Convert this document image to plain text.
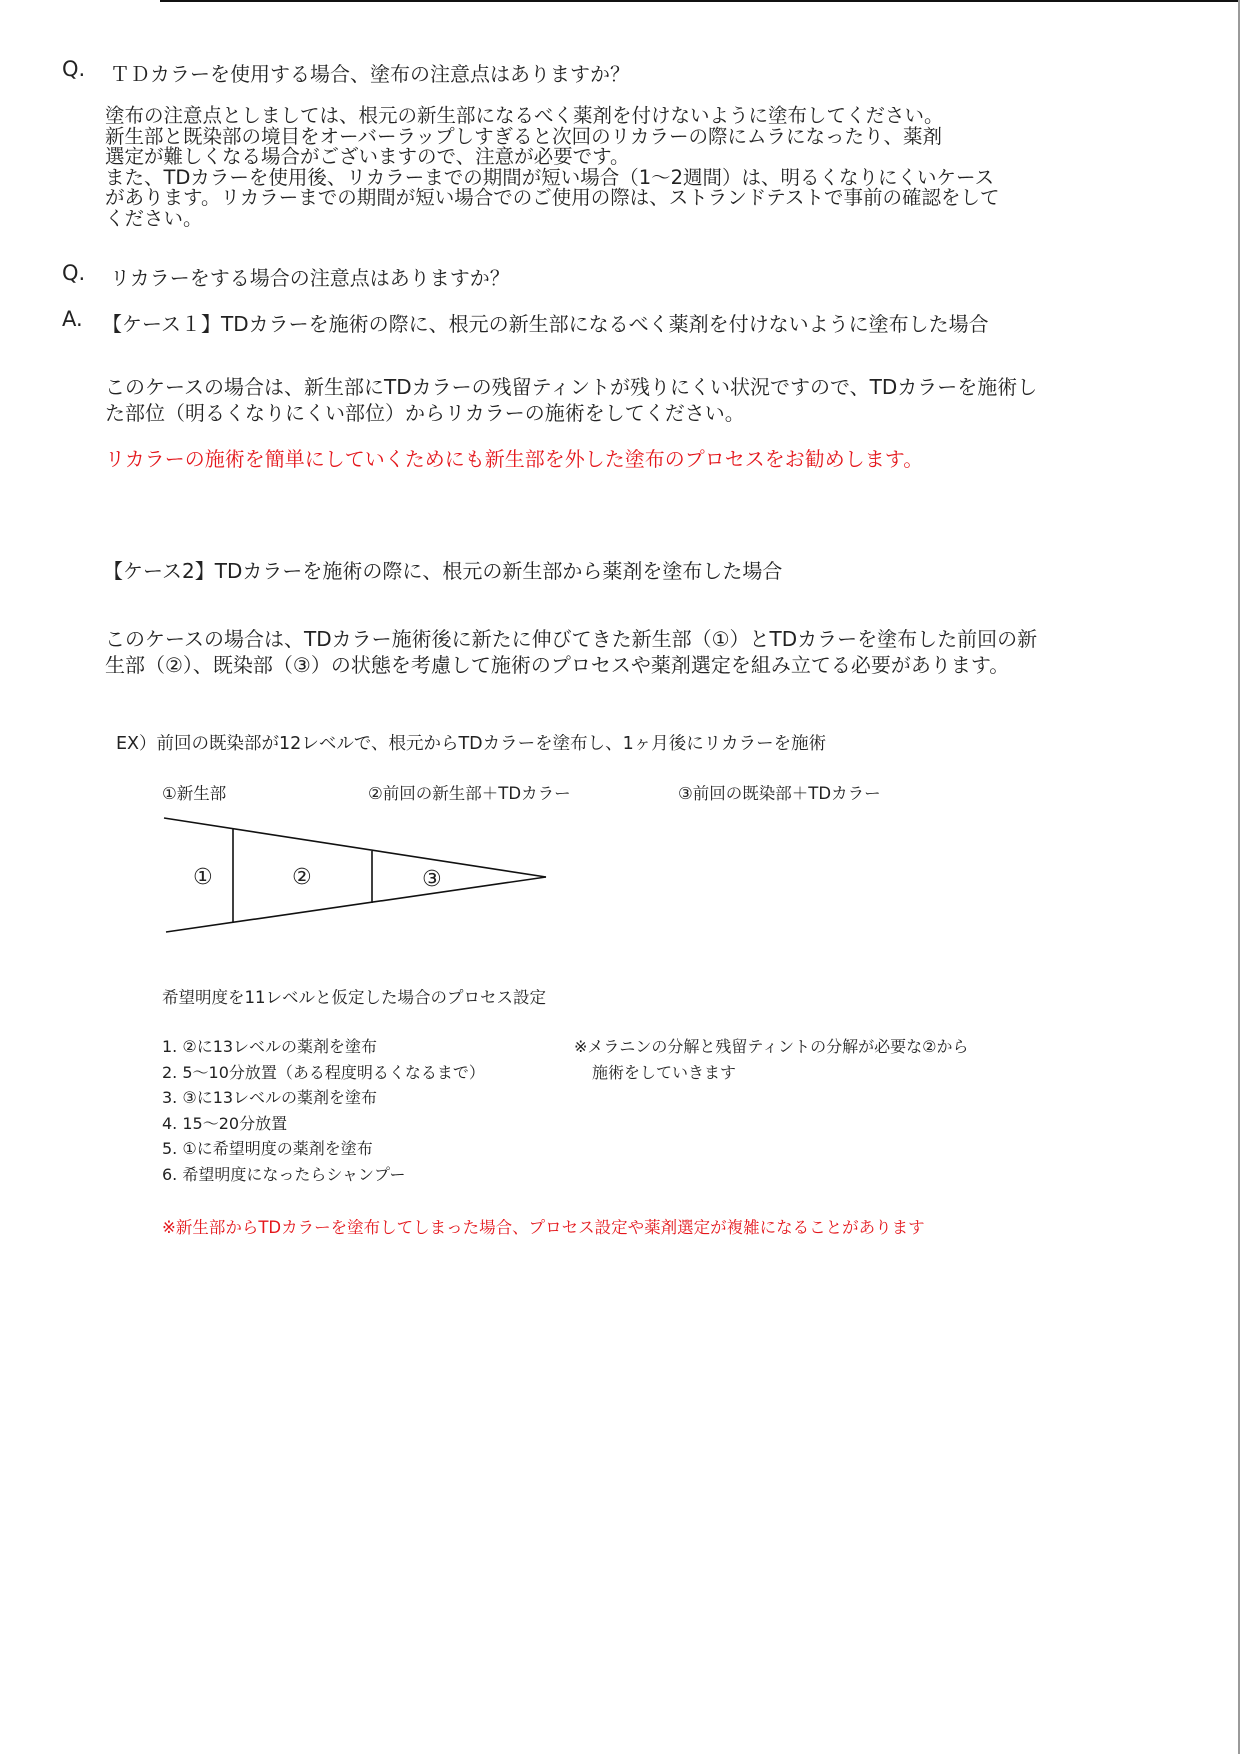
Q. ＴＤカラーを使用する場合、塗布の注意点はありますか？
塗布の注意点としましては、根元の新生部になるべく薬剤を付けないように塗布してください。
新生部と既染部の境目をオーバーラップしすぎると次回のリカラーの際にムラになったり、薬剤
選定が難しくなる場合がございますので、注意が必要です。
また、TDカラーを使用後、リカラーまでの期間が短い場合（1～2週間）は、明るくなりにくいケース
があります。リカラーまでの期間が短い場合でのご使用の際は、ストランドテストで事前の確認をして
ください。
Q. リカラーをする場合の注意点はありますか？
A. 【ケース１】TDカラーを施術の際に、根元の新生部になるべく薬剤を付けないように塗布した場合
このケースの場合は、新生部にTDカラーの残留ティントが残りにくい状況ですので、TDカラーを施術し
た部位（明るくなりにくい部位）からリカラーの施術をしてください。
リカラーの施術を簡単にしていくためにも新生部を外した塗布のプロセスをお勧めします。
【ケース2】TDカラーを施術の際に、根元の新生部から薬剤を塗布した場合
このケースの場合は、TDカラー施術後に新たに伸びてきた新生部（①）とTDカラーを塗布した前回の新
生部（②）、既染部（③）の状態を考慮して施術のプロセスや薬剤選定を組み立てる必要があります。
EX）前回の既染部が12レベルで、根元からTDカラーを塗布し、1ヶ月後にリカラーを施術
①新生部	②前回の新生部＋TDカラー	③前回の既染部＋TDカラー
①	②	③
希望明度を11レベルと仮定した場合のプロセス設定
1. ②に13レベルの薬剤を塗布
2. 5～10分放置（ある程度明るくなるまで）
3. ③に13レベルの薬剤を塗布
4. 15～20分放置
5. ①に希望明度の薬剤を塗布
6. 希望明度になったらシャンプー
※メラニンの分解と残留ティントの分解が必要な②から
施術をしていきます
※新生部からTDカラーを塗布してしまった場合、プロセス設定や薬剤選定が複雑になることがあります
